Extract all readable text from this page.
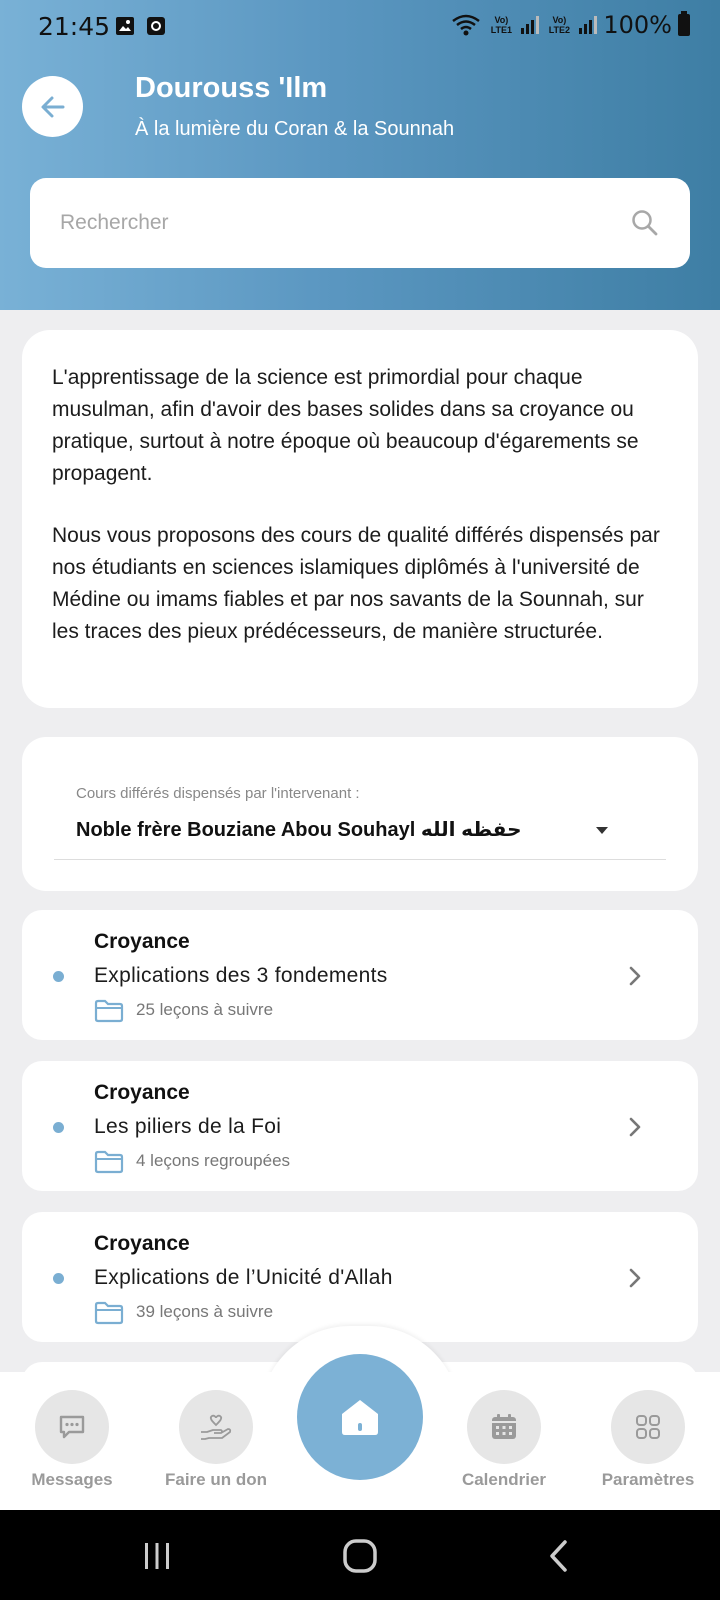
21:45	Vo) LTE1
Vo) LTE2 100%
Dourouss 'Ilm
À la lumière du Coran & la Sounnah
Rechercher

L'apprentissage de la science est primordial pour chaque musulman, afin d'avoir des bases solides dans sa croyance ou pratique, surtout à notre époque où beaucoup d'égarements se propagent.

Nous vous proposons des cours de qualité différés dispensés par nos étudiants en sciences islamiques diplômés à l'université de Médine ou imams fiables et par nos savants de la Sounnah, sur les traces des pieux prédécesseurs, de manière structurée.

Cours différés dispensés par l'intervenant :
Noble frère Bouziane Abou Souhayl حفظه الله
Croyance
Explications des 3 fondements
25 leçons à suivre
Croyance
Les piliers de la Foi
4 leçons regroupées
Croyance
Explications de l’Unicité d'Allah
39 leçons à suivre
Messages	Faire un don	Calendrier	Paramètres
